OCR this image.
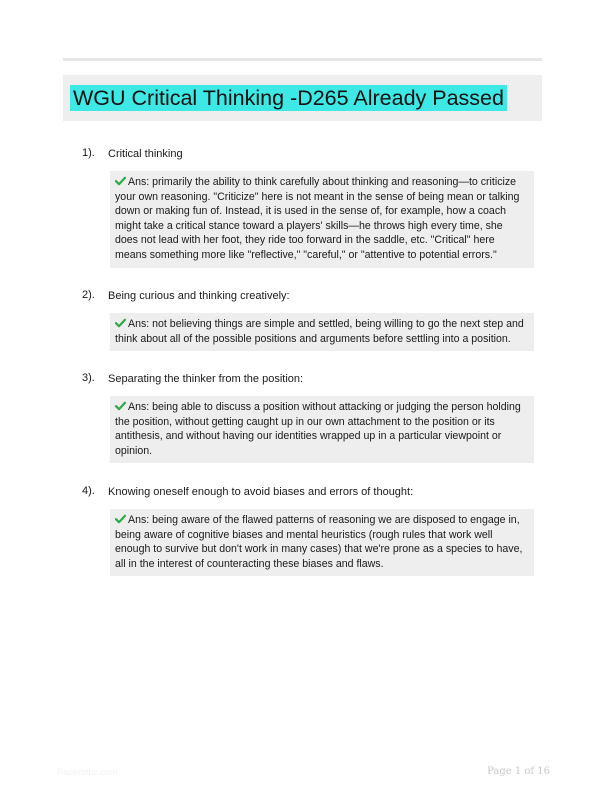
WGU Critical Thinking -D265 Already Passed
1). Critical thinking
Ans: primarily the ability to think carefully about thinking and reasoning—to criticize your own reasoning. "Criticize" here is not meant in the sense of being mean or talking down or making fun of. Instead, it is used in the sense of, for example, how a coach might take a critical stance toward a players' skills—he throws high every time, she does not lead with her foot, they ride too forward in the saddle, etc. "Critical" here means something more like "reflective," "careful," or "attentive to potential errors."
2). Being curious and thinking creatively:
Ans: not believing things are simple and settled, being willing to go the next step and think about all of the possible positions and arguments before settling into a position.
3). Separating the thinker from the position:
Ans: being able to discuss a position without attacking or judging the person holding the position, without getting caught up in our own attachment to the position or its antithesis, and without having our identities wrapped up in a particular viewpoint or opinion.
4). Knowing oneself enough to avoid biases and errors of thought:
Ans: being aware of the flawed patterns of reasoning we are disposed to engage in, being aware of cognitive biases and mental heuristics (rough rules that work well enough to survive but don't work in many cases) that we're prone as a species to have, all in the interest of counteracting these biases and flaws.
Paperbtbc.com	Page 1 of 16
